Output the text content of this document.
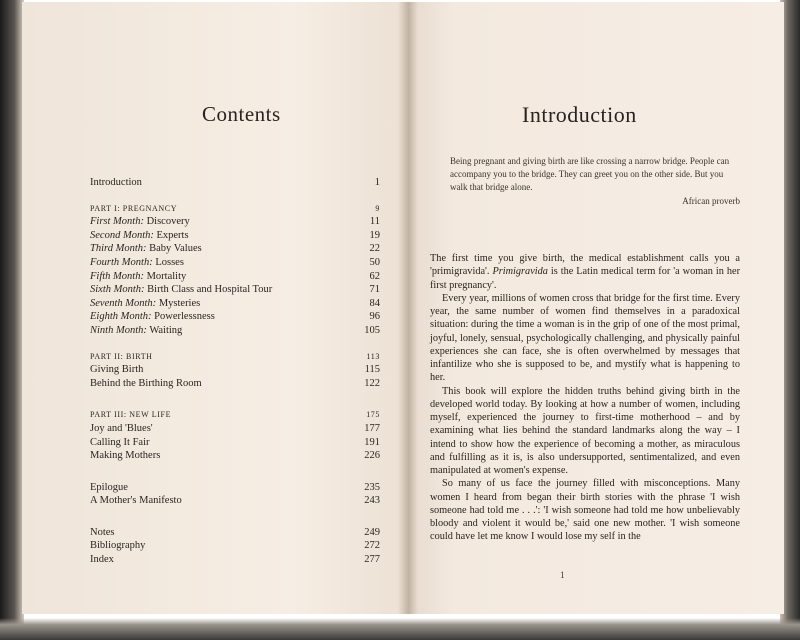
Contents
Introduction	1
PART I: PREGNANCY	9
First Month: Discovery	11
Second Month: Experts	19
Third Month: Baby Values	22
Fourth Month: Losses	50
Fifth Month: Mortality	62
Sixth Month: Birth Class and Hospital Tour	71
Seventh Month: Mysteries	84
Eighth Month: Powerlessness	96
Ninth Month: Waiting	105
PART II: BIRTH	113
Giving Birth	115
Behind the Birthing Room	122
PART III: NEW LIFE	175
Joy and 'Blues'	177
Calling It Fair	191
Making Mothers	226
Epilogue	235
A Mother's Manifesto	243
Notes	249
Bibliography	272
Index	277
Introduction
Being pregnant and giving birth are like crossing a narrow bridge. People can accompany you to the bridge. They can greet you on the other side. But you walk that bridge alone.
African proverb

The first time you give birth, the medical establishment calls you a 'primigravida'. Primigravida is the Latin medical term for 'a woman in her first pregnancy'.

Every year, millions of women cross that bridge for the first time. Every year, the same number of women find themselves in a paradoxical situation: during the time a woman is in the grip of one of the most primal, joyful, lonely, sensual, psychologically challenging, and physically painful experiences she can face, she is often overwhelmed by messages that infantilize who she is supposed to be, and mystify what is happening to her.

This book will explore the hidden truths behind giving birth in the developed world today. By looking at how a number of women, including myself, experienced the journey to first-time motherhood – and by examining what lies behind the standard landmarks along the way – I intend to show how the experience of becoming a mother, as miraculous and fulfilling as it is, is also undersupported, sentimentalized, and even manipulated at women's expense.

So many of us face the journey filled with misconceptions. Many women I heard from began their birth stories with the phrase 'I wish someone had told me . . .': 'I wish someone had told me how unbelievably bloody and violent it would be,' said one new mother. 'I wish someone could have let me know I would lose my self in the

1
